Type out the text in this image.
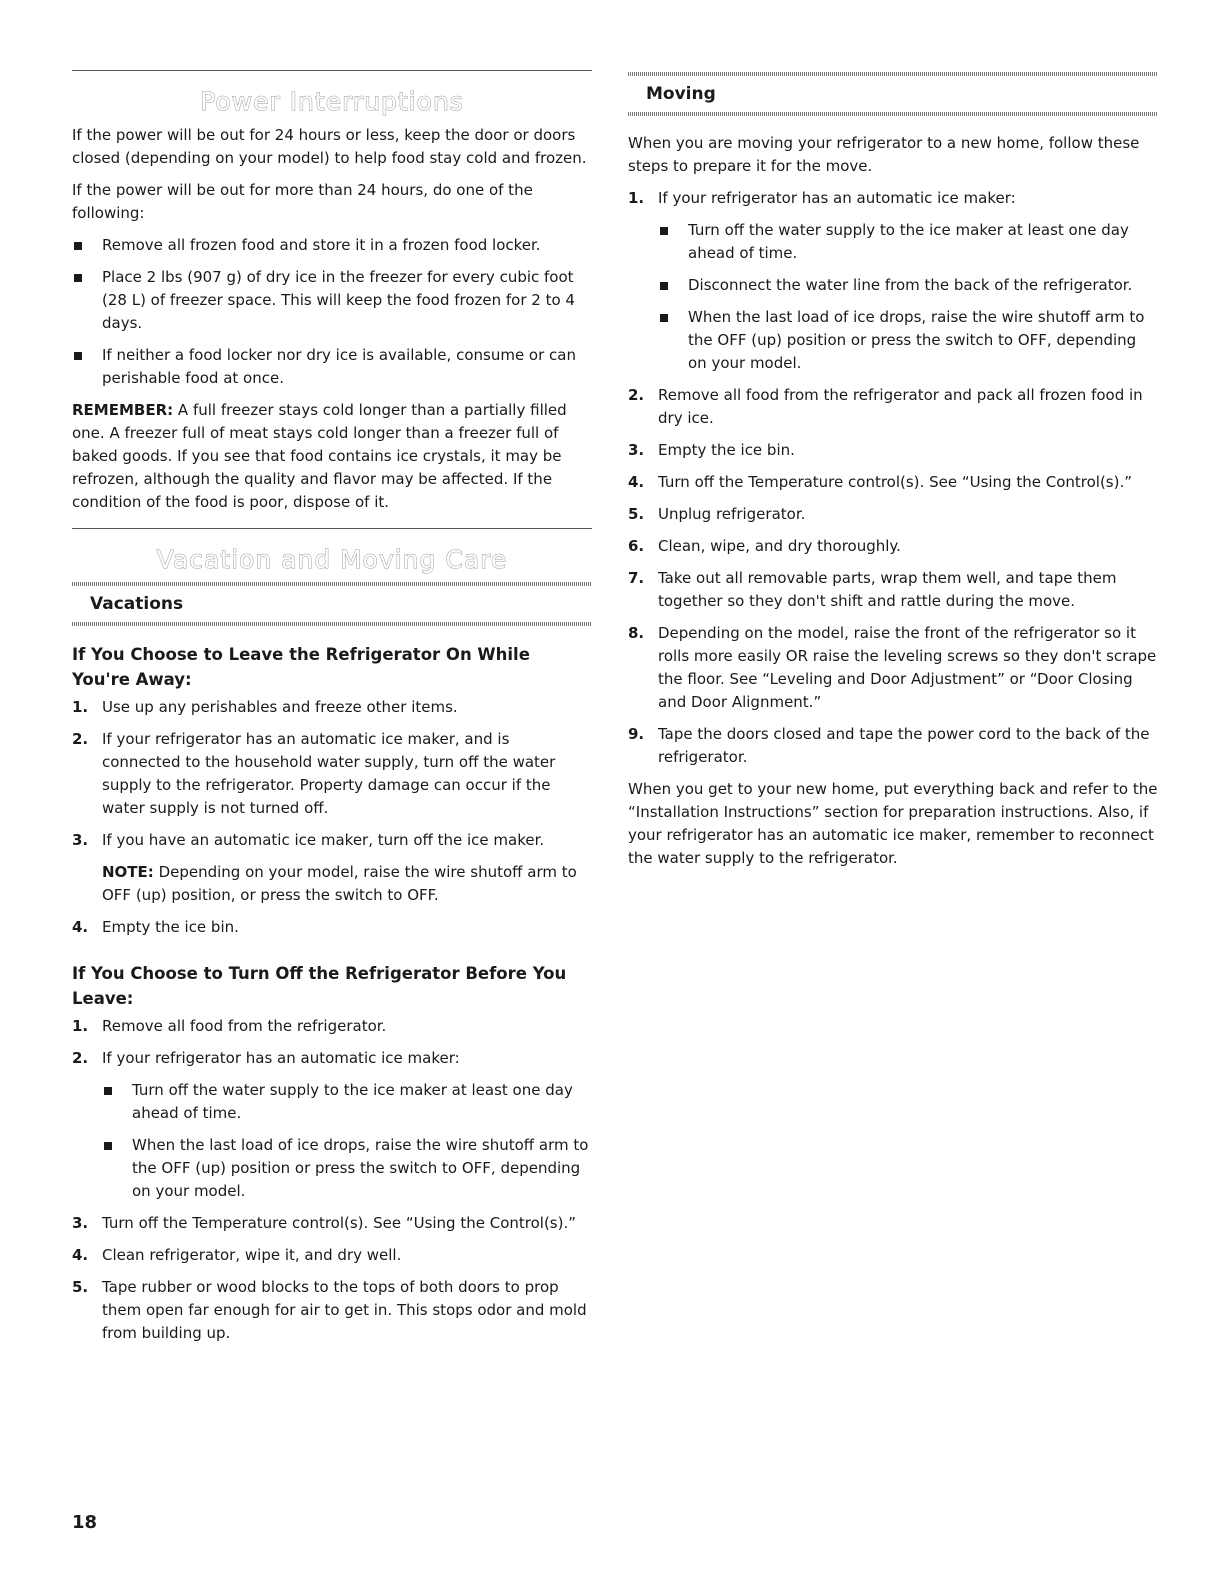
Power Interruptions

If the power will be out for 24 hours or less, keep the door or doors closed (depending on your model) to help food stay cold and frozen.

If the power will be out for more than 24 hours, do one of the following:

Remove all frozen food and store it in a frozen food locker.
Place 2 lbs (907 g) of dry ice in the freezer for every cubic foot (28 L) of freezer space. This will keep the food frozen for 2 to 4 days.
If neither a food locker nor dry ice is available, consume or can perishable food at once.

REMEMBER: A full freezer stays cold longer than a partially filled one. A freezer full of meat stays cold longer than a freezer full of baked goods. If you see that food contains ice crystals, it may be refrozen, although the quality and flavor may be affected. If the condition of the food is poor, dispose of it.

Vacation and Moving Care
Vacations
If You Choose to Leave the Refrigerator On While You're Away:
1. Use up any perishables and freeze other items.
2. If your refrigerator has an automatic ice maker, and is connected to the household water supply, turn off the water supply to the refrigerator. Property damage can occur if the water supply is not turned off.
3. If you have an automatic ice maker, turn off the ice maker.

NOTE: Depending on your model, raise the wire shutoff arm to OFF (up) position, or press the switch to OFF.

4. Empty the ice bin.
If You Choose to Turn Off the Refrigerator Before You Leave:
1. Remove all food from the refrigerator.
2. If your refrigerator has an automatic ice maker:
Turn off the water supply to the ice maker at least one day ahead of time.
When the last load of ice drops, raise the wire shutoff arm to the OFF (up) position or press the switch to OFF, depending on your model.
3. Turn off the Temperature control(s). See “Using the Control(s).”
4. Clean refrigerator, wipe it, and dry well.
5. Tape rubber or wood blocks to the tops of both doors to prop them open far enough for air to get in. This stops odor and mold from building up.
Moving

When you are moving your refrigerator to a new home, follow these steps to prepare it for the move.

1. If your refrigerator has an automatic ice maker:
Turn off the water supply to the ice maker at least one day ahead of time.
Disconnect the water line from the back of the refrigerator.
When the last load of ice drops, raise the wire shutoff arm to the OFF (up) position or press the switch to OFF, depending on your model.
2. Remove all food from the refrigerator and pack all frozen food in dry ice.
3. Empty the ice bin.
4. Turn off the Temperature control(s). See “Using the Control(s).”
5. Unplug refrigerator.
6. Clean, wipe, and dry thoroughly.
7. Take out all removable parts, wrap them well, and tape them together so they don't shift and rattle during the move.
8. Depending on the model, raise the front of the refrigerator so it rolls more easily OR raise the leveling screws so they don't scrape the floor. See “Leveling and Door Adjustment” or “Door Closing and Door Alignment.”
9. Tape the doors closed and tape the power cord to the back of the refrigerator.

When you get to your new home, put everything back and refer to the “Installation Instructions” section for preparation instructions. Also, if your refrigerator has an automatic ice maker, remember to reconnect the water supply to the refrigerator.

18
